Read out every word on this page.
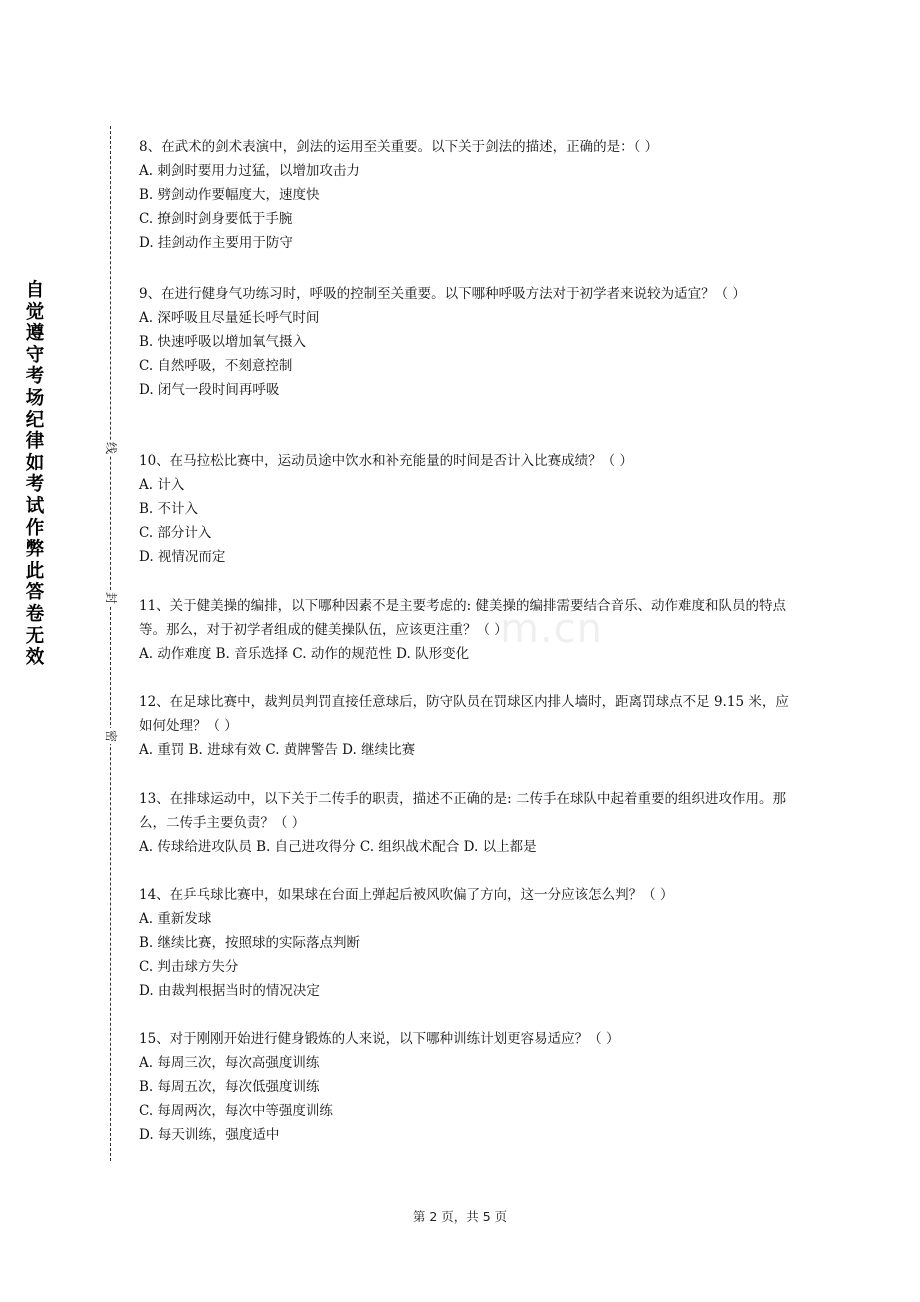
自觉遵守考场纪律如考试作弊此答卷无效
线
封
密
m.cn
8、在武术的剑术表演中，剑法的运用至关重要。以下关于剑法的描述，正确的是：（ ）
A. 刺剑时要用力过猛，以增加攻击力
B. 劈剑动作要幅度大，速度快
C. 撩剑时剑身要低于手腕
D. 挂剑动作主要用于防守
9、在进行健身气功练习时，呼吸的控制至关重要。以下哪种呼吸方法对于初学者来说较为适宜？（ ）
A. 深呼吸且尽量延长呼气时间
B. 快速呼吸以增加氧气摄入
C. 自然呼吸，不刻意控制
D. 闭气一段时间再呼吸
10、在马拉松比赛中，运动员途中饮水和补充能量的时间是否计入比赛成绩？（ ）
A. 计入
B. 不计入
C. 部分计入
D. 视情况而定
11、关于健美操的编排，以下哪种因素不是主要考虑的: 健美操的编排需要结合音乐、动作难度和队员的特点等。那么，对于初学者组成的健美操队伍，应该更注重？（ ）
A. 动作难度 B. 音乐选择 C. 动作的规范性 D. 队形变化
12、在足球比赛中，裁判员判罚直接任意球后，防守队员在罚球区内排人墙时，距离罚球点不足 9.15 米，应如何处理？（ ）
A. 重罚 B. 进球有效 C. 黄牌警告 D. 继续比赛
13、在排球运动中，以下关于二传手的职责，描述不正确的是: 二传手在球队中起着重要的组织进攻作用。那么，二传手主要负责？（ ）
A. 传球给进攻队员 B. 自己进攻得分 C. 组织战术配合 D. 以上都是
14、在乒乓球比赛中，如果球在台面上弹起后被风吹偏了方向，这一分应该怎么判？（ ）
A. 重新发球
B. 继续比赛，按照球的实际落点判断
C. 判击球方失分
D. 由裁判根据当时的情况决定
15、对于刚刚开始进行健身锻炼的人来说，以下哪种训练计划更容易适应？（ ）
A. 每周三次，每次高强度训练
B. 每周五次，每次低强度训练
C. 每周两次，每次中等强度训练
D. 每天训练，强度适中
第 2 页，共 5 页
